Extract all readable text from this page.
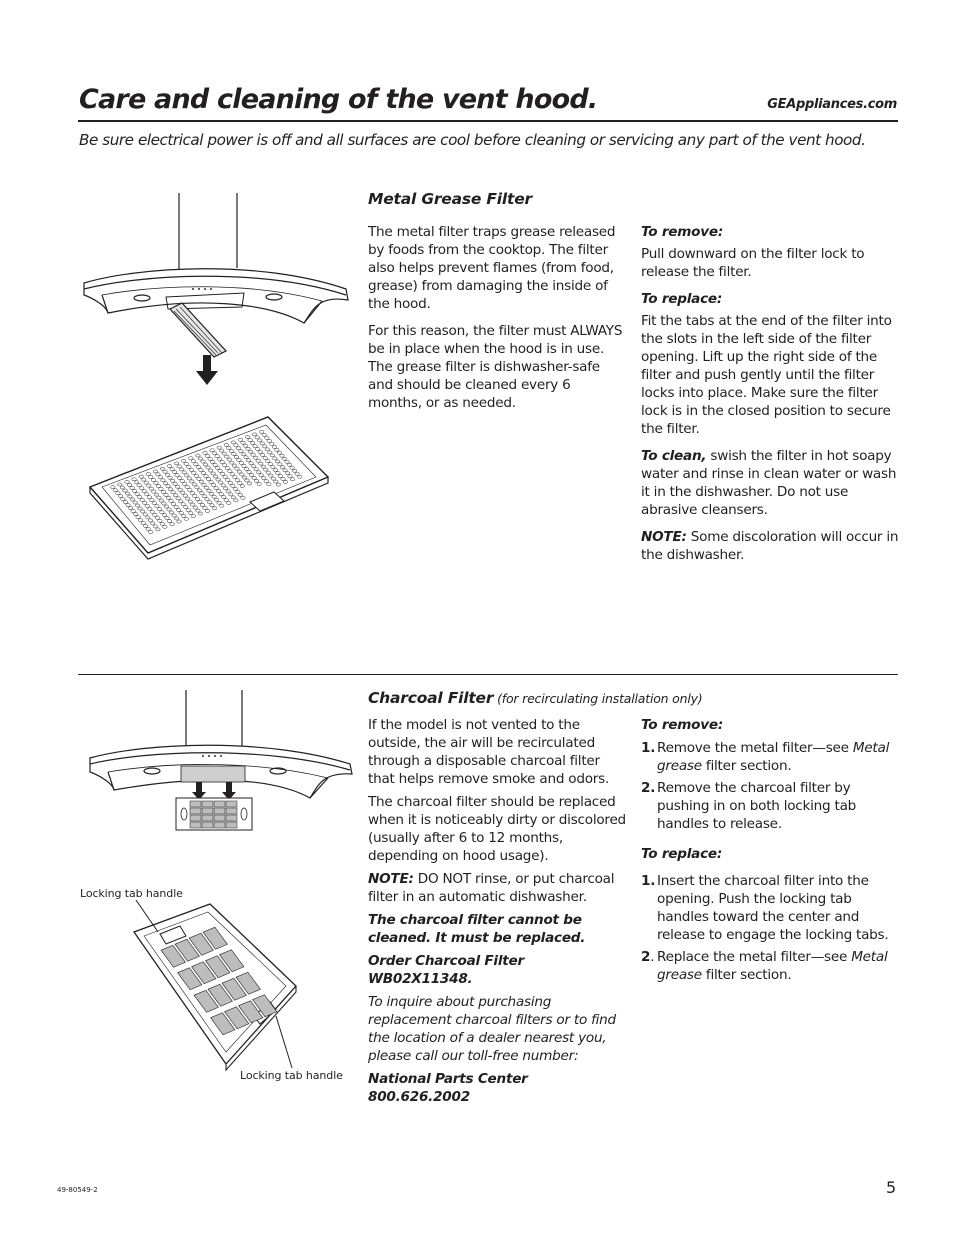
Care and cleaning of the vent hood.	GEAppliances.com
Be sure electrical power is off and all surfaces are cool before cleaning or servicing any part of the vent hood.
Metal Grease Filter

The metal filter traps grease released by foods from the cooktop. The filter also helps prevent flames (from food, grease) from damaging the inside of the hood.

For this reason, the filter must ALWAYS be in place when the hood is in use. The grease filter is dishwasher-safe and should be cleaned every 6 months, or as needed.

To remove:

Pull downward on the filter lock to release the filter.

To replace:

Fit the tabs at the end of the filter into the slots in the left side of the filter opening. Lift up the right side of the filter and push gently until the filter locks into place. Make sure the filter lock is in the closed position to secure the filter.

To clean, swish the filter in hot soapy water and rinse in clean water or wash it in the dishwasher. Do not use abrasive cleansers.

NOTE: Some discoloration will occur in the dishwasher.

Locking tab handle
Locking tab handle
Charcoal Filter (for recirculating installation only)

If the model is not vented to the outside, the air will be recirculated through a disposable charcoal filter that helps remove smoke and odors.

The charcoal filter should be replaced when it is noticeably dirty or discolored (usually after 6 to 12 months, depending on hood usage).

NOTE: DO NOT rinse, or put charcoal filter in an automatic dishwasher.

The charcoal filter cannot be cleaned. It must be replaced.

Order Charcoal Filter WB02X11348.

To inquire about purchasing replacement charcoal filters or to find the location of a dealer nearest you, please call our toll-free number:

National Parts Center

800.626.2002

To remove:

1. Remove the metal filter—see Metal grease filter section.
2. Remove the charcoal filter by pushing in on both locking tab handles to release.

To replace:

1. Insert the charcoal filter into the opening. Push the locking tab handles toward the center and release to engage the locking tabs.
2. Replace the metal filter—see Metal grease filter section.
49-80549-2	5
